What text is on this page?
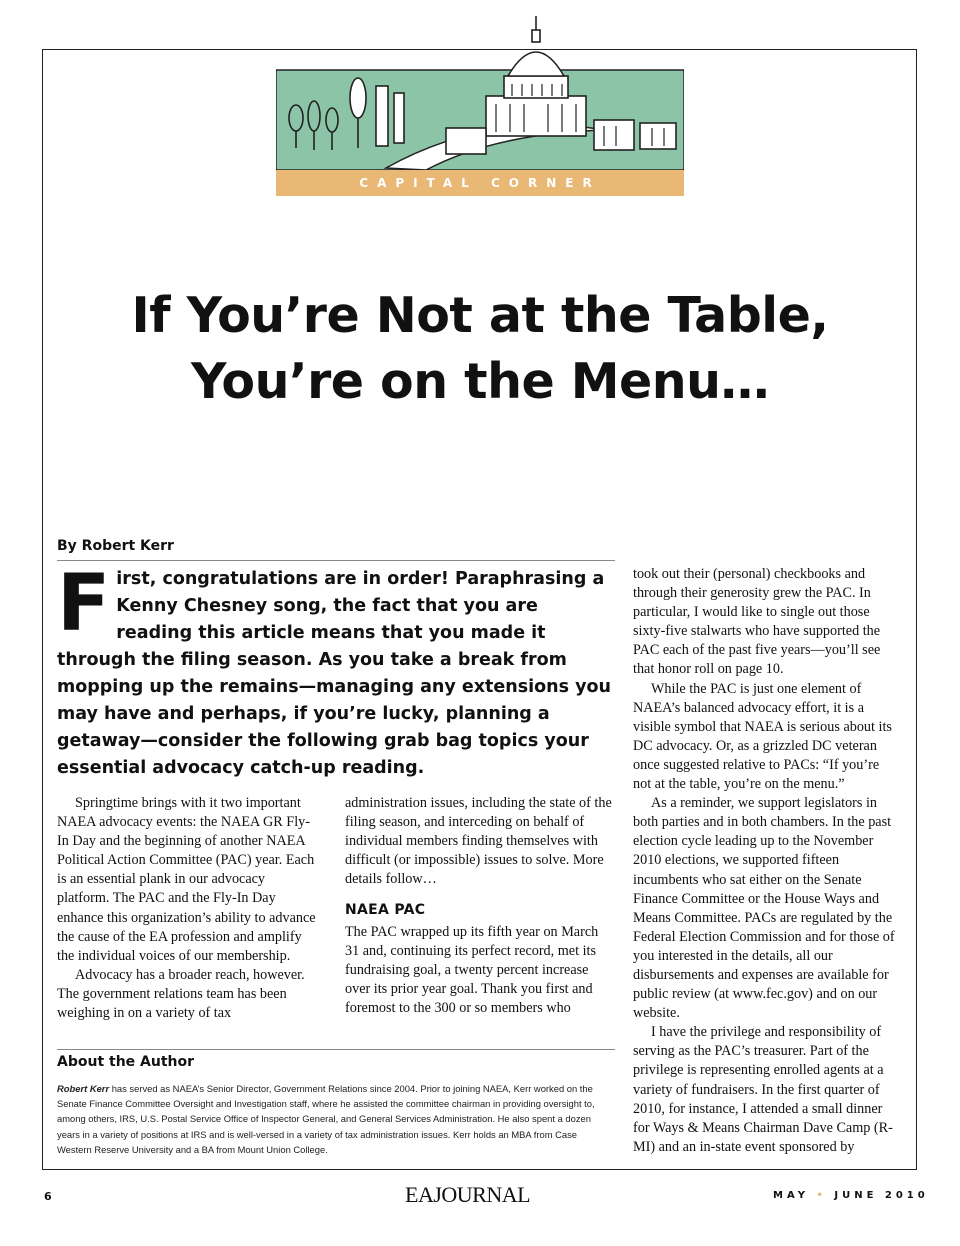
CAPITAL CORNER
If You’re Not at the Table,
You’re on the Menu…
By Robert Kerr
First, congratulations are in order! Paraphrasing a Kenny Chesney song, the fact that you are reading this article means that you made it through the filing season. As you take a break from mopping up the remains—managing any extensions you may have and perhaps, if you’re lucky, planning a getaway—consider the following grab bag topics your essential advocacy catch-up reading.

Springtime brings with it two important NAEA advocacy events: the NAEA GR Fly-In Day and the beginning of another NAEA Political Action Committee (PAC) year. Each is an essential plank in our advocacy platform. The PAC and the Fly-In Day enhance this organization’s ability to advance the cause of the EA profession and amplify the individual voices of our membership.

Advocacy has a broader reach, however. The government relations team has been weighing in on a variety of tax

administration issues, including the state of the filing season, and interceding on behalf of individual members finding themselves with difficult (or impossible) issues to solve. More details follow…

NAEA PAC

The PAC wrapped up its fifth year on March 31 and, continuing its perfect record, met its fundraising goal, a twenty percent increase over its prior year goal. Thank you first and foremost to the 300 or so members who

took out their (personal) checkbooks and through their generosity grew the PAC. In particular, I would like to single out those sixty-five stalwarts who have supported the PAC each of the past five years—you’ll see that honor roll on page 10.

While the PAC is just one element of NAEA’s balanced advocacy effort, it is a visible symbol that NAEA is serious about its DC advocacy. Or, as a grizzled DC veteran once suggested relative to PACs: “If you’re not at the table, you’re on the menu.”

As a reminder, we support legislators in both parties and in both chambers. In the past election cycle leading up to the November 2010 elections, we supported fifteen incumbents who sat either on the Senate Finance Committee or the House Ways and Means Committee. PACs are regulated by the Federal Election Commission and for those of you interested in the details, all our disbursements and expenses are available for public review (at www.fec.gov) and on our website.

I have the privilege and responsibility of serving as the PAC’s treasurer. Part of the privilege is representing enrolled agents at a variety of fundraisers. In the first quarter of 2010, for instance, I attended a small dinner for Ways & Means Chairman Dave Camp (R-MI) and an in-state event sponsored by

About the Author
Robert Kerr has served as NAEA’s Senior Director, Government Relations since 2004. Prior to joining NAEA, Kerr worked on the Senate Finance Committee Oversight and Investigation staff, where he assisted the committee chairman in providing oversight to, among others, IRS, U.S. Postal Service Office of Inspector General, and General Services Administration. He also spent a dozen years in a variety of positions at IRS and is well-versed in a variety of tax administration issues. Kerr holds an MBA from Case Western Reserve University and a BA from Mount Union College.
6	EAJOURNAL	MAY • JUNE 2010
